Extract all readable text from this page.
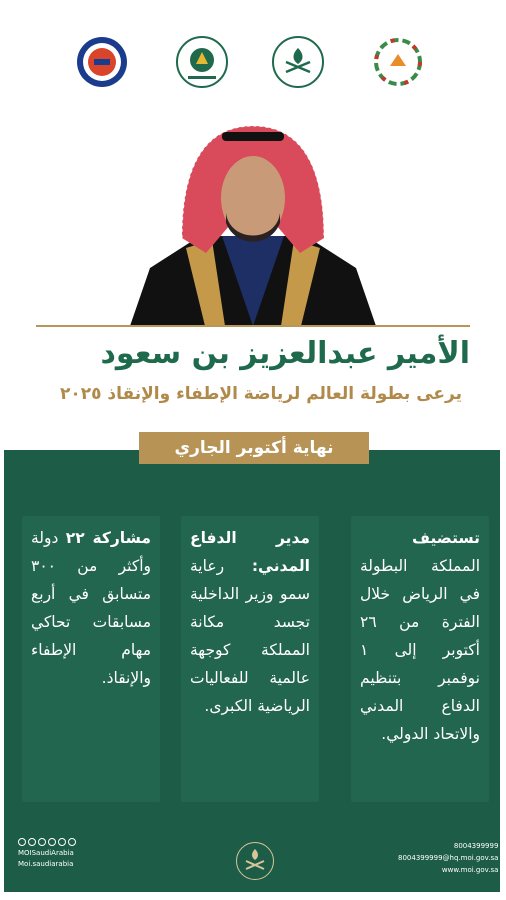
الأمير عبدالعزيز بن سعود
يرعى بطولة العالم لرياضة الإطفاء والإنقاذ ٢٠٢٥
نهاية أكتوبر الجاري
تستضيف المملكة البطولة في الرياض خلال الفترة من ٢٦ أكتوبر إلى ١ نوفمبر بتنظيم الدفاع المدني والاتحاد الدولي.
مدير الدفاع المدني: رعاية سمو وزير الداخلية تجسد مكانة المملكة كوجهة عالمية للفعاليات الرياضية الكبرى.
مشاركة ٢٢ دولة وأكثر من ٣٠٠ متسابق في أربع مسابقات تحاكي مهام الإطفاء والإنقاذ.
MOISaudiArabia
Moi.saudiarabia
8004399999
8004399999@hq.moi.gov.sa
www.moi.gov.sa
